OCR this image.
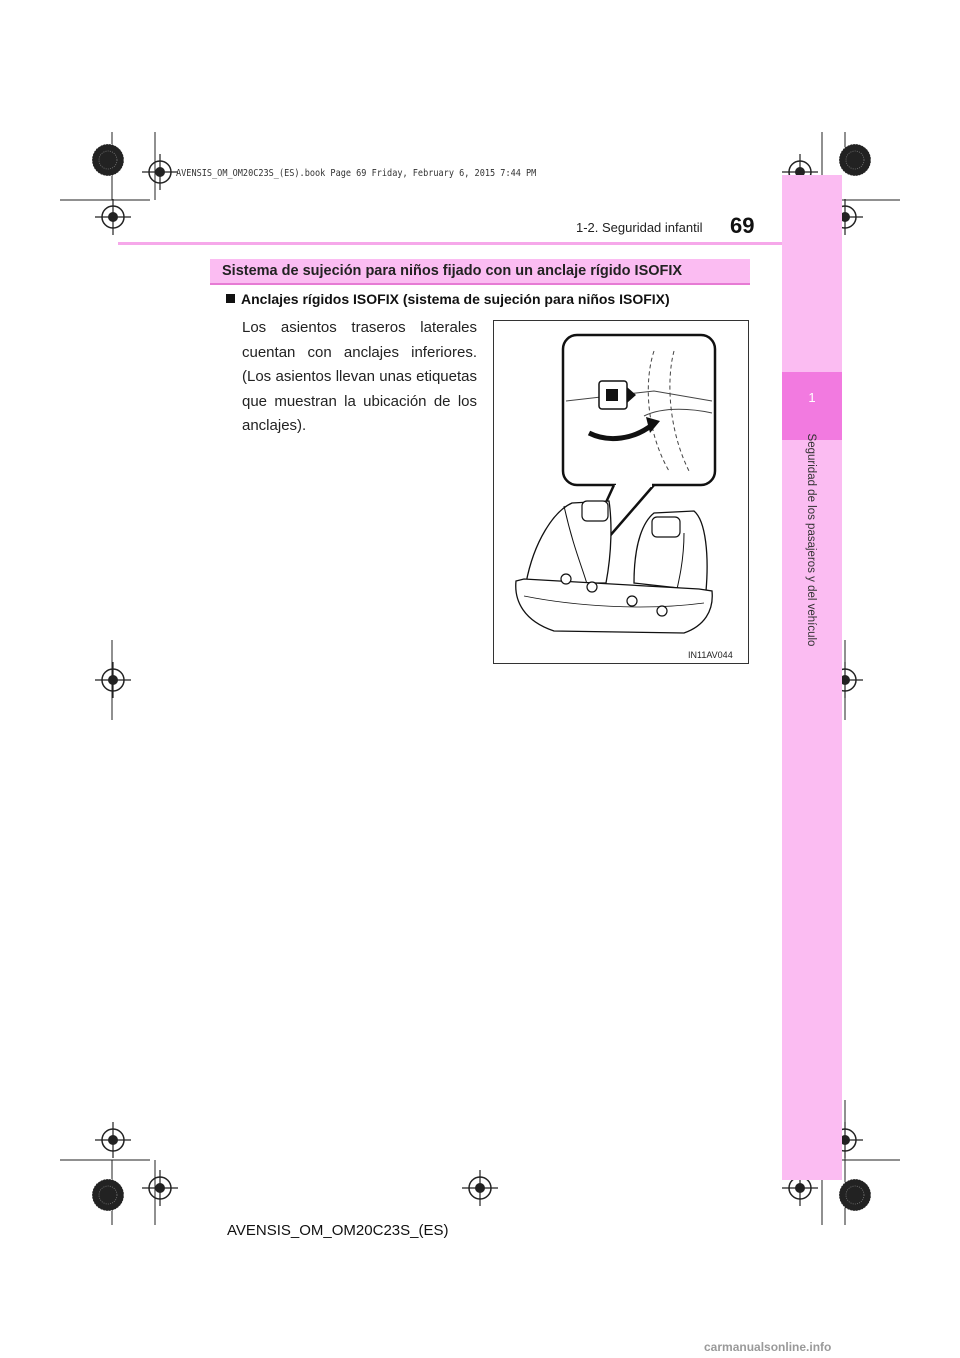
1
Seguridad de los pasajeros y del vehículo
AVENSIS_OM_OM20C23S_(ES).book Page 69 Friday, February 6, 2015 7:44 PM
1-2. Seguridad infantil 69
Sistema de sujeción para niños fijado con un anclaje rígido ISOFIX
Anclajes rígidos ISOFIX (sistema de sujeción para niños ISOFIX)
Los asientos traseros laterales cuentan con anclajes inferiores. (Los asientos llevan unas etiquetas que muestran la ubicación de los anclajes).
IN11AV044
AVENSIS_OM_OM20C23S_(ES)
carmanualsonline.info
